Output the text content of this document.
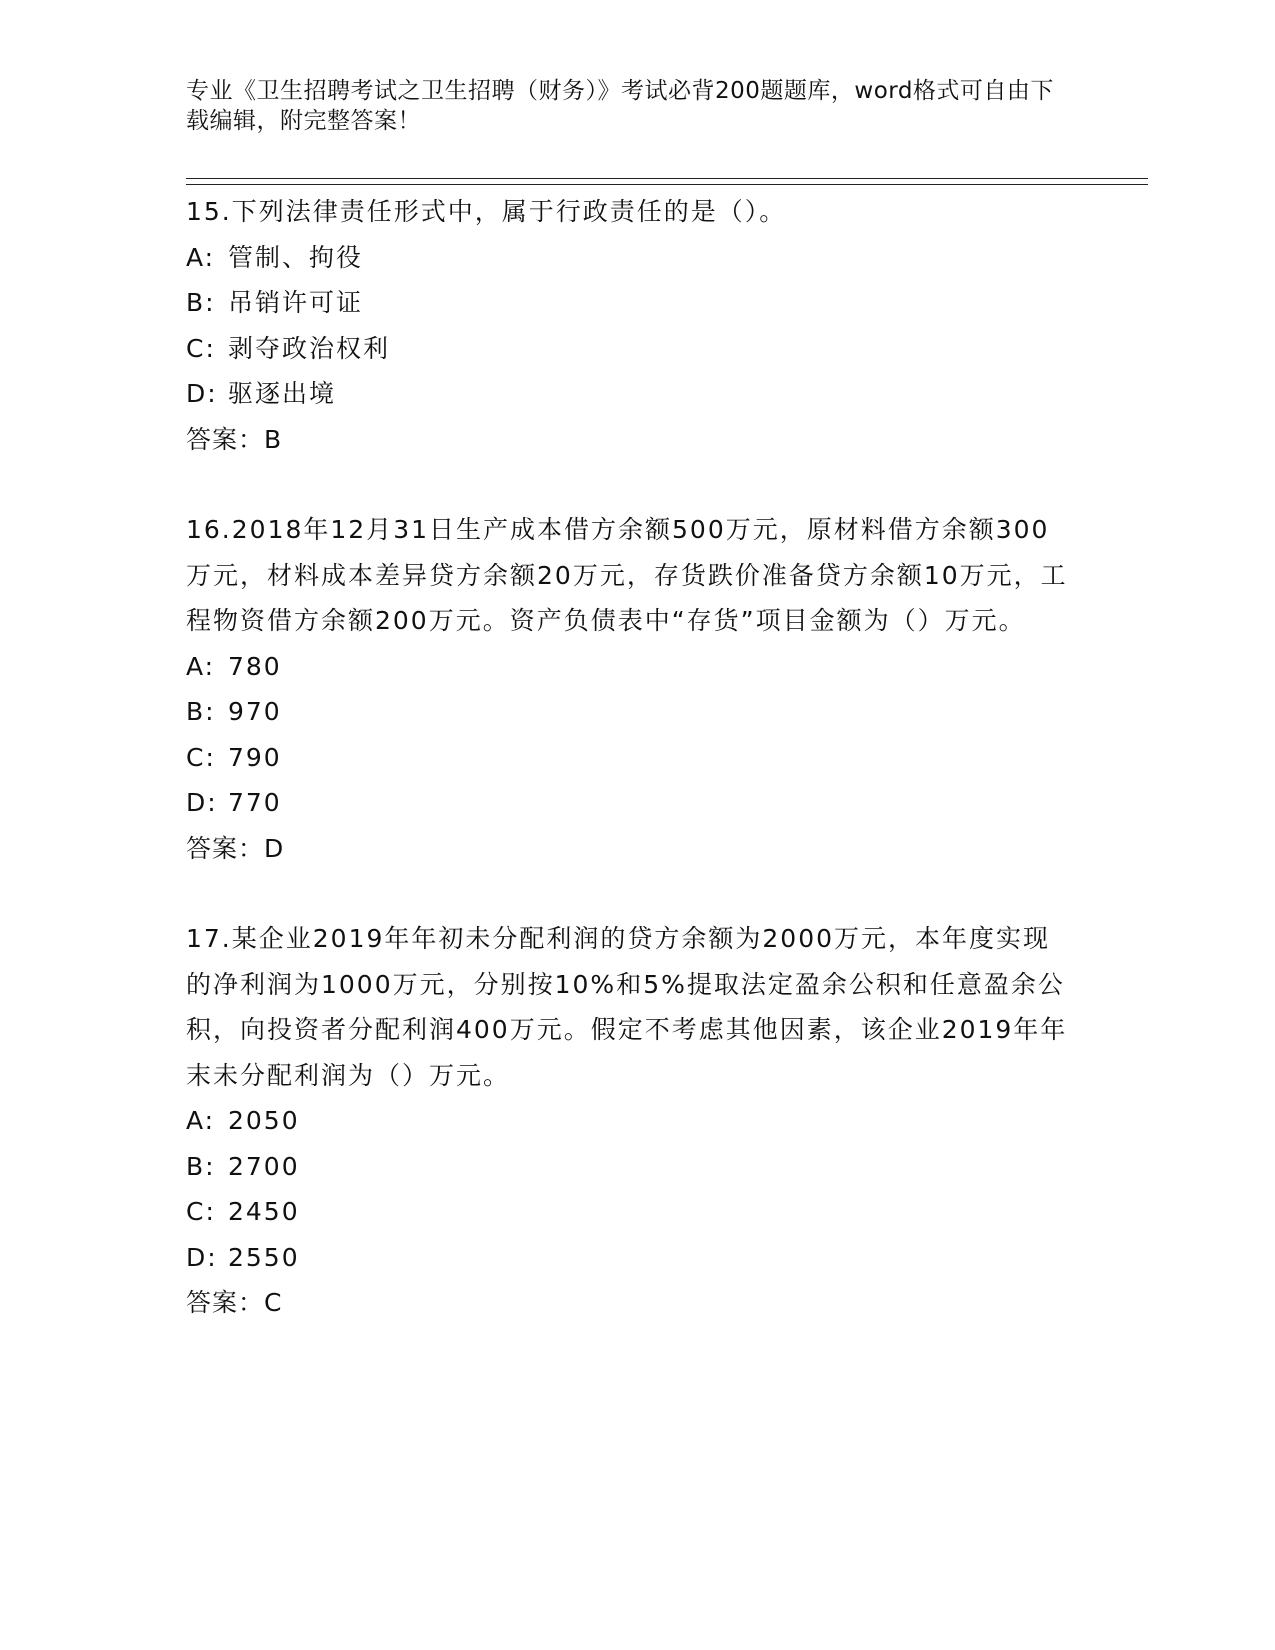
专业《卫生招聘考试之卫生招聘（财务）》考试必背200题题库，word格式可自由下载编辑，附完整答案！

15.下列法律责任形式中，属于行政责任的是（）。

A: 管制、拘役
B: 吊销许可证
C: 剥夺政治权利
D: 驱逐出境
答案：B

16.2018年12月31日生产成本借方余额500万元，原材料借方余额300万元，材料成本差异贷方余额20万元，存货跌价准备贷方余额10万元，工程物资借方余额200万元。资产负债表中“存货”项目金额为（）万元。

A: 780
B: 970
C: 790
D: 770
答案：D

17.某企业2019年年初未分配利润的贷方余额为2000万元，本年度实现的净利润为1000万元，分别按10%和5%提取法定盈余公积和任意盈余公积，向投资者分配利润400万元。假定不考虑其他因素，该企业2019年年末未分配利润为（）万元。

A: 2050
B: 2700
C: 2450
D: 2550
答案：C
